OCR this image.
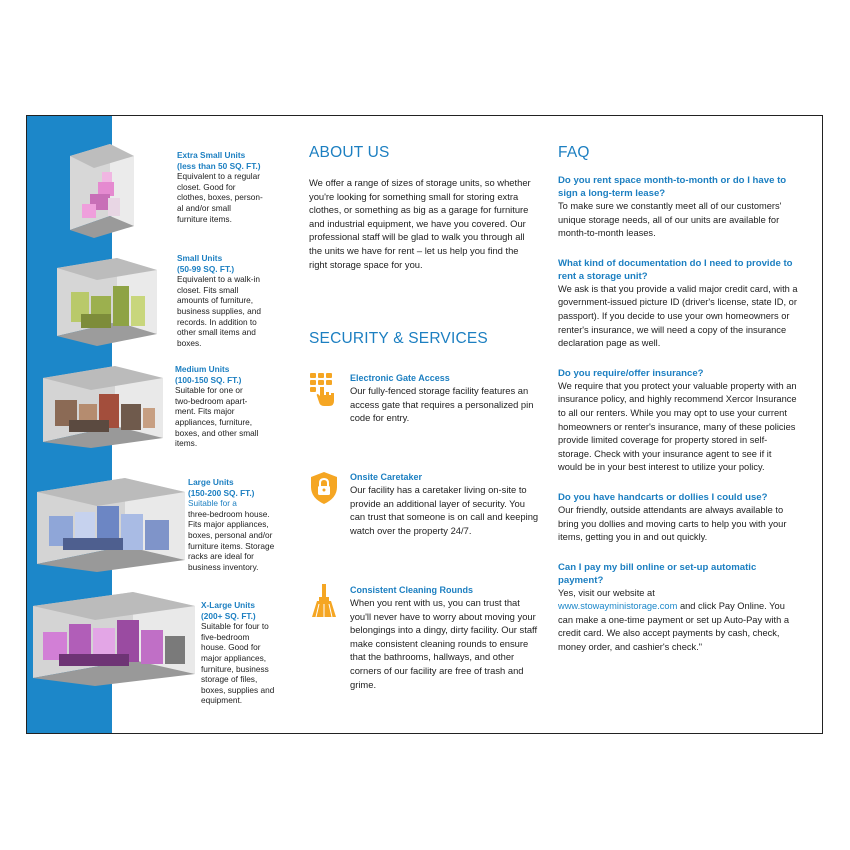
Extra Small Units
(less than 50 SQ. FT.)
Equivalent to a regular
closet. Good for
clothes, boxes, person-
al and/or small
furniture items.
Small Units
(50-99 SQ. FT.)
Equivalent to a walk-in
closet. Fits small
amounts of furniture,
business supplies, and
records. In addition to
other small items and
boxes.
Medium Units
(100-150 SQ. FT.)
Suitable for one or
two-bedroom apart-
ment. Fits major
appliances, furniture,
boxes, and other small
items.
Large Units
(150-200 SQ. FT.)
Suitable for a
three-bedroom house.
Fits major appliances,
boxes, personal and/or
furniture items. Storage
racks are ideal for
business inventory.
X-Large Units
(200+ SQ. FT.)
Suitable for four to
five-bedroom
house. Good for
major appliances,
furniture, business
storage of files,
boxes, supplies and
equipment.
ABOUT US

We offer a range of sizes of storage units, so whether you're looking for something small for storing extra clothes, or something as big as a garage for furniture and industrial equipment, we have you covered. Our professional staff will be glad to walk you through all the units we have for rent – let us help you find the right storage space for you.

SECURITY & SERVICES
Electronic Gate Access
Our fully-fenced storage facility features an access gate that requires a personalized pin code for entry.
Onsite Caretaker
Our facility has a caretaker living on-site to provide an additional layer of security. You can trust that someone is on call and keeping watch over the property 24/7.
Consistent Cleaning Rounds
When you rent with us, you can trust that you'll never have to worry about moving your belongings into a dingy, dirty facility. Our staff make consistent cleaning rounds to ensure that the bathrooms, hallways, and other corners of our facility are free of trash and grime.
FAQ
Do you rent space month-to-month or do I have to sign a long-term lease?
To make sure we constantly meet all of our customers' unique storage needs, all of our units are available for month-to-month leases.
What kind of documentation do I need to provide to rent a storage unit?
We ask is that you provide a valid major credit card, with a government-issued picture ID (driver's license, state ID, or passport). If you decide to use your own homeowners or renter's insurance, we will need a copy of the insurance declaration page as well.
Do you require/offer insurance?
We require that you protect your valuable property with an insurance policy, and highly recommend Xercor Insurance to all our renters. While you may opt to use your current homeowners or renter's insurance, many of these policies provide limited coverage for property stored in self-storage. Check with your insurance agent to see if it would be in your best interest to utilize your policy.
Do you have handcarts or dollies I could use?
Our friendly, outside attendants are always available to bring you dollies and moving carts to help you with your items, getting you in and out quickly.
Can I pay my bill online or set-up automatic payment?
Yes, visit our website at
www.stowayministorage.com and click Pay Online. You can make a one-time payment or set up Auto-Pay with a credit card. We also accept payments by cash, check, money order, and cashier's check."
